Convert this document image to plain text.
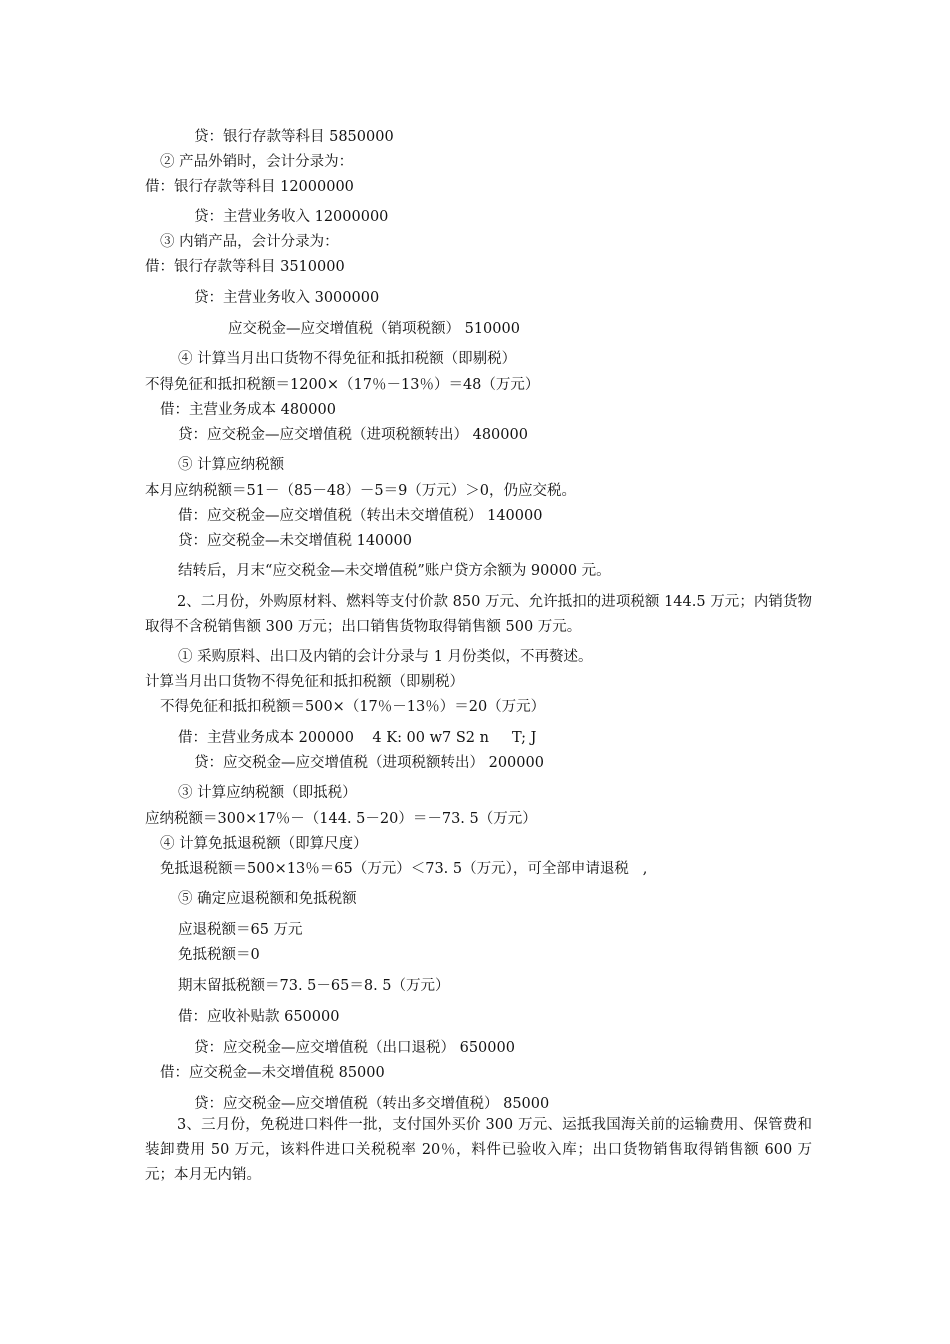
贷：银行存款等科目 5850000
② 产品外销时，会计分录为：
借：银行存款等科目 12000000
贷：主营业务收入 12000000
③ 内销产品，会计分录为：
借：银行存款等科目 3510000
贷：主营业务收入 3000000
应交税金—应交增值税（销项税额） 510000
④ 计算当月出口货物不得免征和抵扣税额（即剔税）
不得免征和抵扣税额＝1200×（17％－13％）＝48（万元）
借：主营业务成本 480000
贷：应交税金—应交增值税（进项税额转出） 480000
⑤ 计算应纳税额
本月应纳税额＝51－（85－48）－5＝9（万元）＞0，仍应交税。
借：应交税金—应交增值税（转出未交增值税） 140000
贷：应交税金—未交增值税 140000
结转后，月末“应交税金—未交增值税”账户贷方余额为 90000 元。

2、二月份，外购原材料、燃料等支付价款 850 万元、允许抵扣的进项税额 144.5 万元；内销货物取得不含税销售额 300 万元；出口销售货物取得销售额 500 万元。

① 采购原料、出口及内销的会计分录与 1 月份类似，不再赘述。
计算当月出口货物不得免征和抵扣税额（即剔税）
不得免征和抵扣税额＝500×（17％－13％）＝20（万元）
借：主营业务成本 200000    4 K: 00 w7 S2 n     T; J
贷：应交税金—应交增值税（进项税额转出） 200000
③ 计算应纳税额（即抵税）
应纳税额＝300×17％－（144. 5－20）＝－73. 5（万元）
④ 计算免抵退税额（即算尺度）
免抵退税额＝500×13％＝65（万元）＜73. 5（万元），可全部申请退税   ,
⑤ 确定应退税额和免抵税额
应退税额＝65 万元
免抵税额＝0
期末留抵税额＝73. 5－65＝8. 5（万元）
借：应收补贴款 650000
贷：应交税金—应交增值税（出口退税） 650000
借：应交税金—未交增值税 85000
贷：应交税金—应交增值税（转出多交增值税） 85000

3、三月份，免税进口料件一批，支付国外买价 300 万元、运抵我国海关前的运输费用、保管费和装卸费用 50 万元，该料件进口关税税率 20％，料件已验收入库；出口货物销售取得销售额 600 万元；本月无内销。
